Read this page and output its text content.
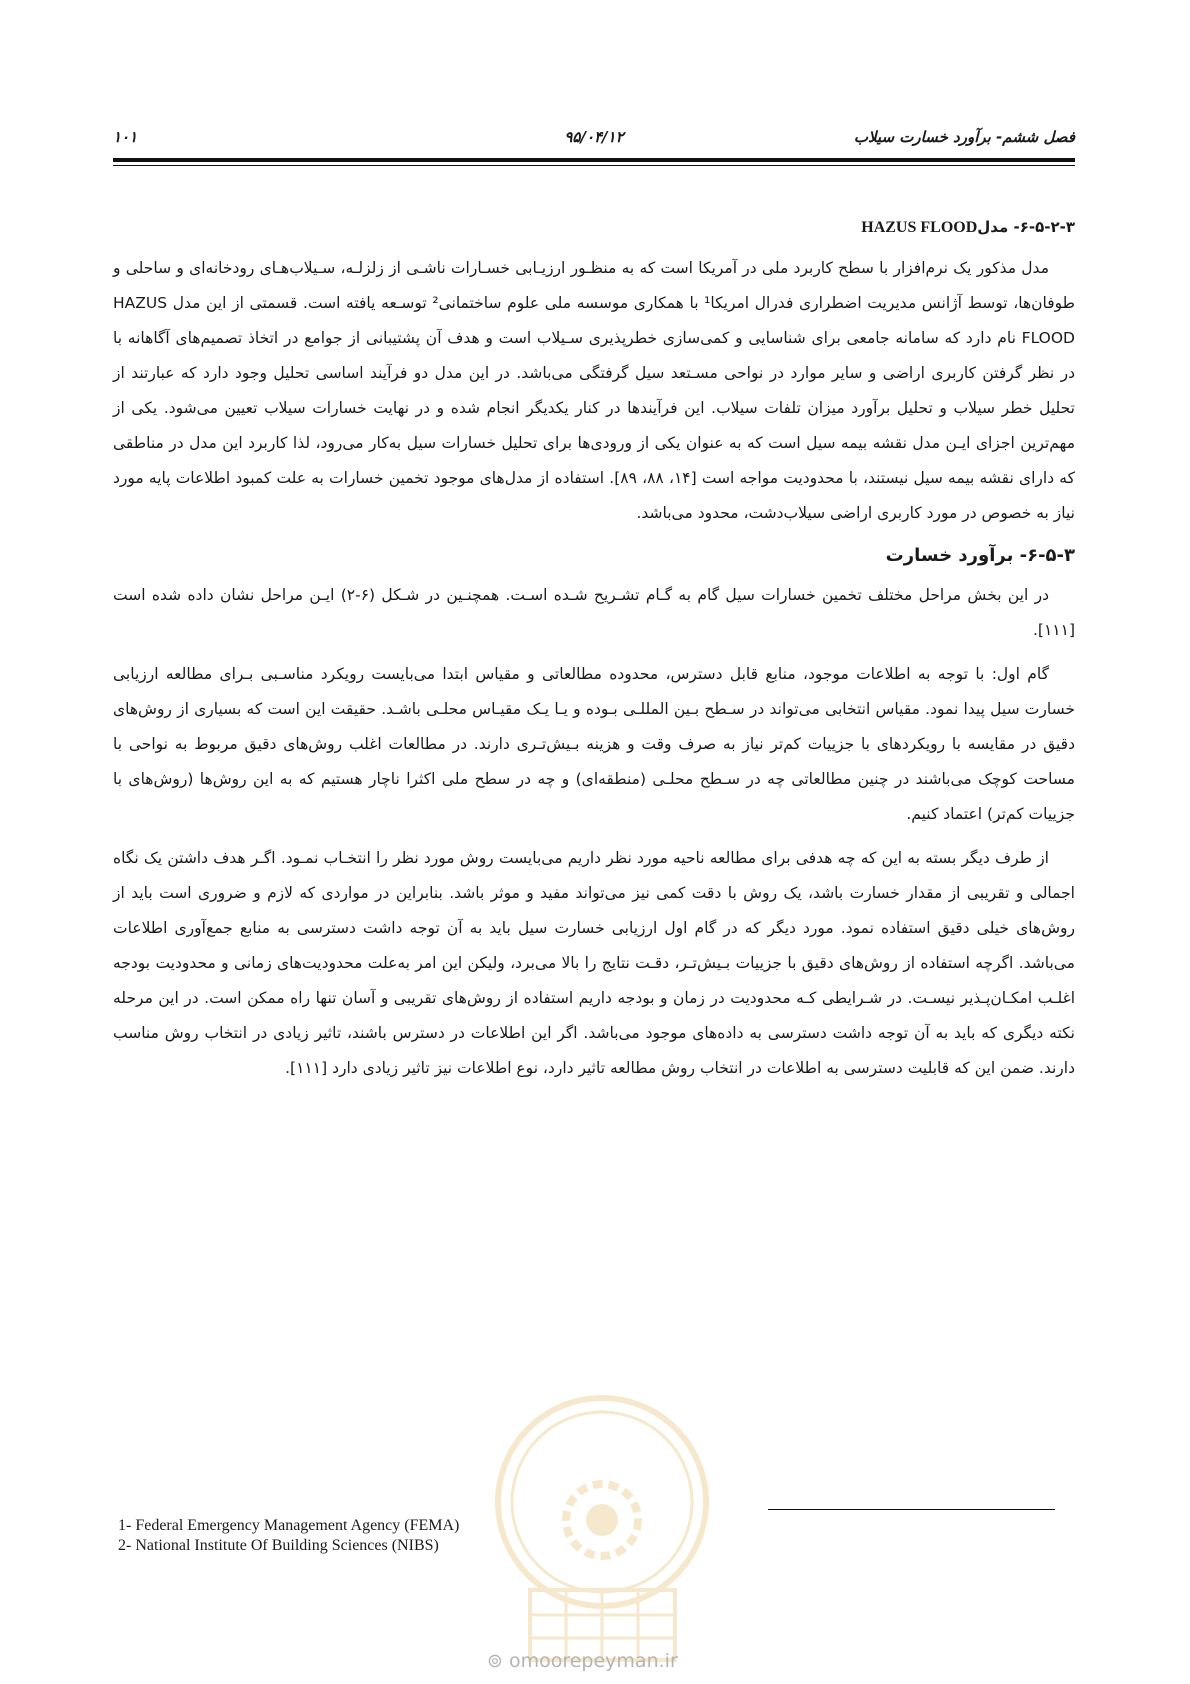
فصل ششم- برآورد خسارت سیلاب
۹۵/۰۴/۱۲
۱۰۱
۶-۵-۲-۳- مدلHAZUS FLOOD

مدل مذکور یک نرم‌افزار با سطح کاربرد ملی در آمریکا است که به منظـور ارزیـابی خسـارات ناشـی از زلزلـه، سـیلاب‌هـای رودخانه‌ای و ساحلی و طوفان‌ها، توسط آژانس مدیریت اضطراری فدرال امریکا¹ با همکاری موسسه ملی علوم ساختمانی² توسـعه یافته است. قسمتی از این مدل HAZUS FLOOD نام دارد که سامانه جامعی برای شناسایی و کمی‌سازی خطرپذیری سـیلاب است و هدف آن پشتیبانی از جوامع در اتخاذ تصمیم‌های آگاهانه با در نظر گرفتن کاربری اراضی و سایر موارد در نواحی مسـتعد سیل گرفتگی می‌باشد. در این مدل دو فرآیند اساسی تحلیل وجود دارد که عبارتند از تحلیل خطر سیلاب و تحلیل برآورد میزان تلفات سیلاب. این فرآیندها در کنار یکدیگر انجام شده و در نهایت خسارات سیلاب تعیین می‌شود. یکی از مهم‌ترین اجزای ایـن مدل نقشه بیمه سیل است که به عنوان یکی از ورودی‌ها برای تحلیل خسارات سیل به‌کار می‌رود، لذا کاربرد این مدل در مناطقی که دارای نقشه بیمه سیل نیستند، با محدودیت مواجه است [۱۴، ۸۸، ۸۹]. استفاده از مدل‌های موجود تخمین خسارات به علت کمبود اطلاعات پایه مورد نیاز به خصوص در مورد کاربری اراضی سیلاب‌دشت، محدود می‌باشد.

۶-۵-۳- برآورد خسارت

در این بخش مراحل مختلف تخمین خسارات سیل گام به گـام تشـریح شـده اسـت. همچنـین در شـکل (۶-۲) ایـن مراحل نشان داده شده است [۱۱۱].

گام اول: با توجه به اطلاعات موجود، منابع قابل دسترس، محدوده مطالعاتی و مقیاس ابتدا می‌بایست رویکرد مناسـبی بـرای مطالعه ارزیابی خسارت سیل پیدا نمود. مقیاس انتخابی می‌تواند در سـطح بـین المللـی بـوده و یـا یـک مقیـاس محلـی باشـد. حقیقت این است که بسیاری از روش‌های دقیق در مقایسه با رویکردهای با جزییات کم‌تر نیاز به صرف وقت و هزینه بـیش‌تـری دارند. در مطالعات اغلب روش‌های دقیق مربوط به نواحی با مساحت کوچک می‌باشند در چنین مطالعاتی چه در سـطح محلـی (منطقه‌ای) و چه در سطح ملی اکثرا ناچار هستیم که به این روش‌ها (روش‌های با جزییات کم‌تر) اعتماد کنیم.

از طرف دیگر بسته به این که چه هدفی برای مطالعه ناحیه مورد نظر داریم می‌بایست روش مورد نظر را انتخـاب نمـود. اگـر هدف داشتن یک نگاه اجمالی و تقریبی از مقدار خسارت باشد، یک روش با دقت کمی نیز می‌تواند مفید و موثر باشد. بنابراین در مواردی که لازم و ضروری است باید از روش‌های خیلی دقیق استفاده نمود. مورد دیگر که در گام اول ارزیابی خسارت سیل باید به آن توجه داشت دسترسی به منابع جمع‌آوری اطلاعات می‌باشد. اگرچه استفاده از روش‌های دقیق با جزییات بـیش‌تـر، دقـت نتایج را بالا می‌برد، ولیکن این امر به‌علت محدودیت‌های زمانی و محدودیت بودجه اغلـب امکـان‌پـذیر نیسـت. در شـرایطی کـه محدودیت در زمان و بودجه داریم استفاده از روش‌های تقریبی و آسان تنها راه ممکن است. در این مرحله نکته دیگری که باید به آن توجه داشت دسترسی به داده‌های موجود می‌باشد. اگر این اطلاعات در دسترس باشند، تاثیر زیادی در انتخاب روش مناسب دارند. ضمن این که قابلیت دسترسی به اطلاعات در انتخاب روش مطالعه تاثیر دارد، نوع اطلاعات نیز تاثیر زیادی دارد [۱۱۱].

1- Federal Emergency Management Agency (FEMA)
2- National Institute Of Building Sciences (NIBS)
⊚ omoorepeyman.ir
